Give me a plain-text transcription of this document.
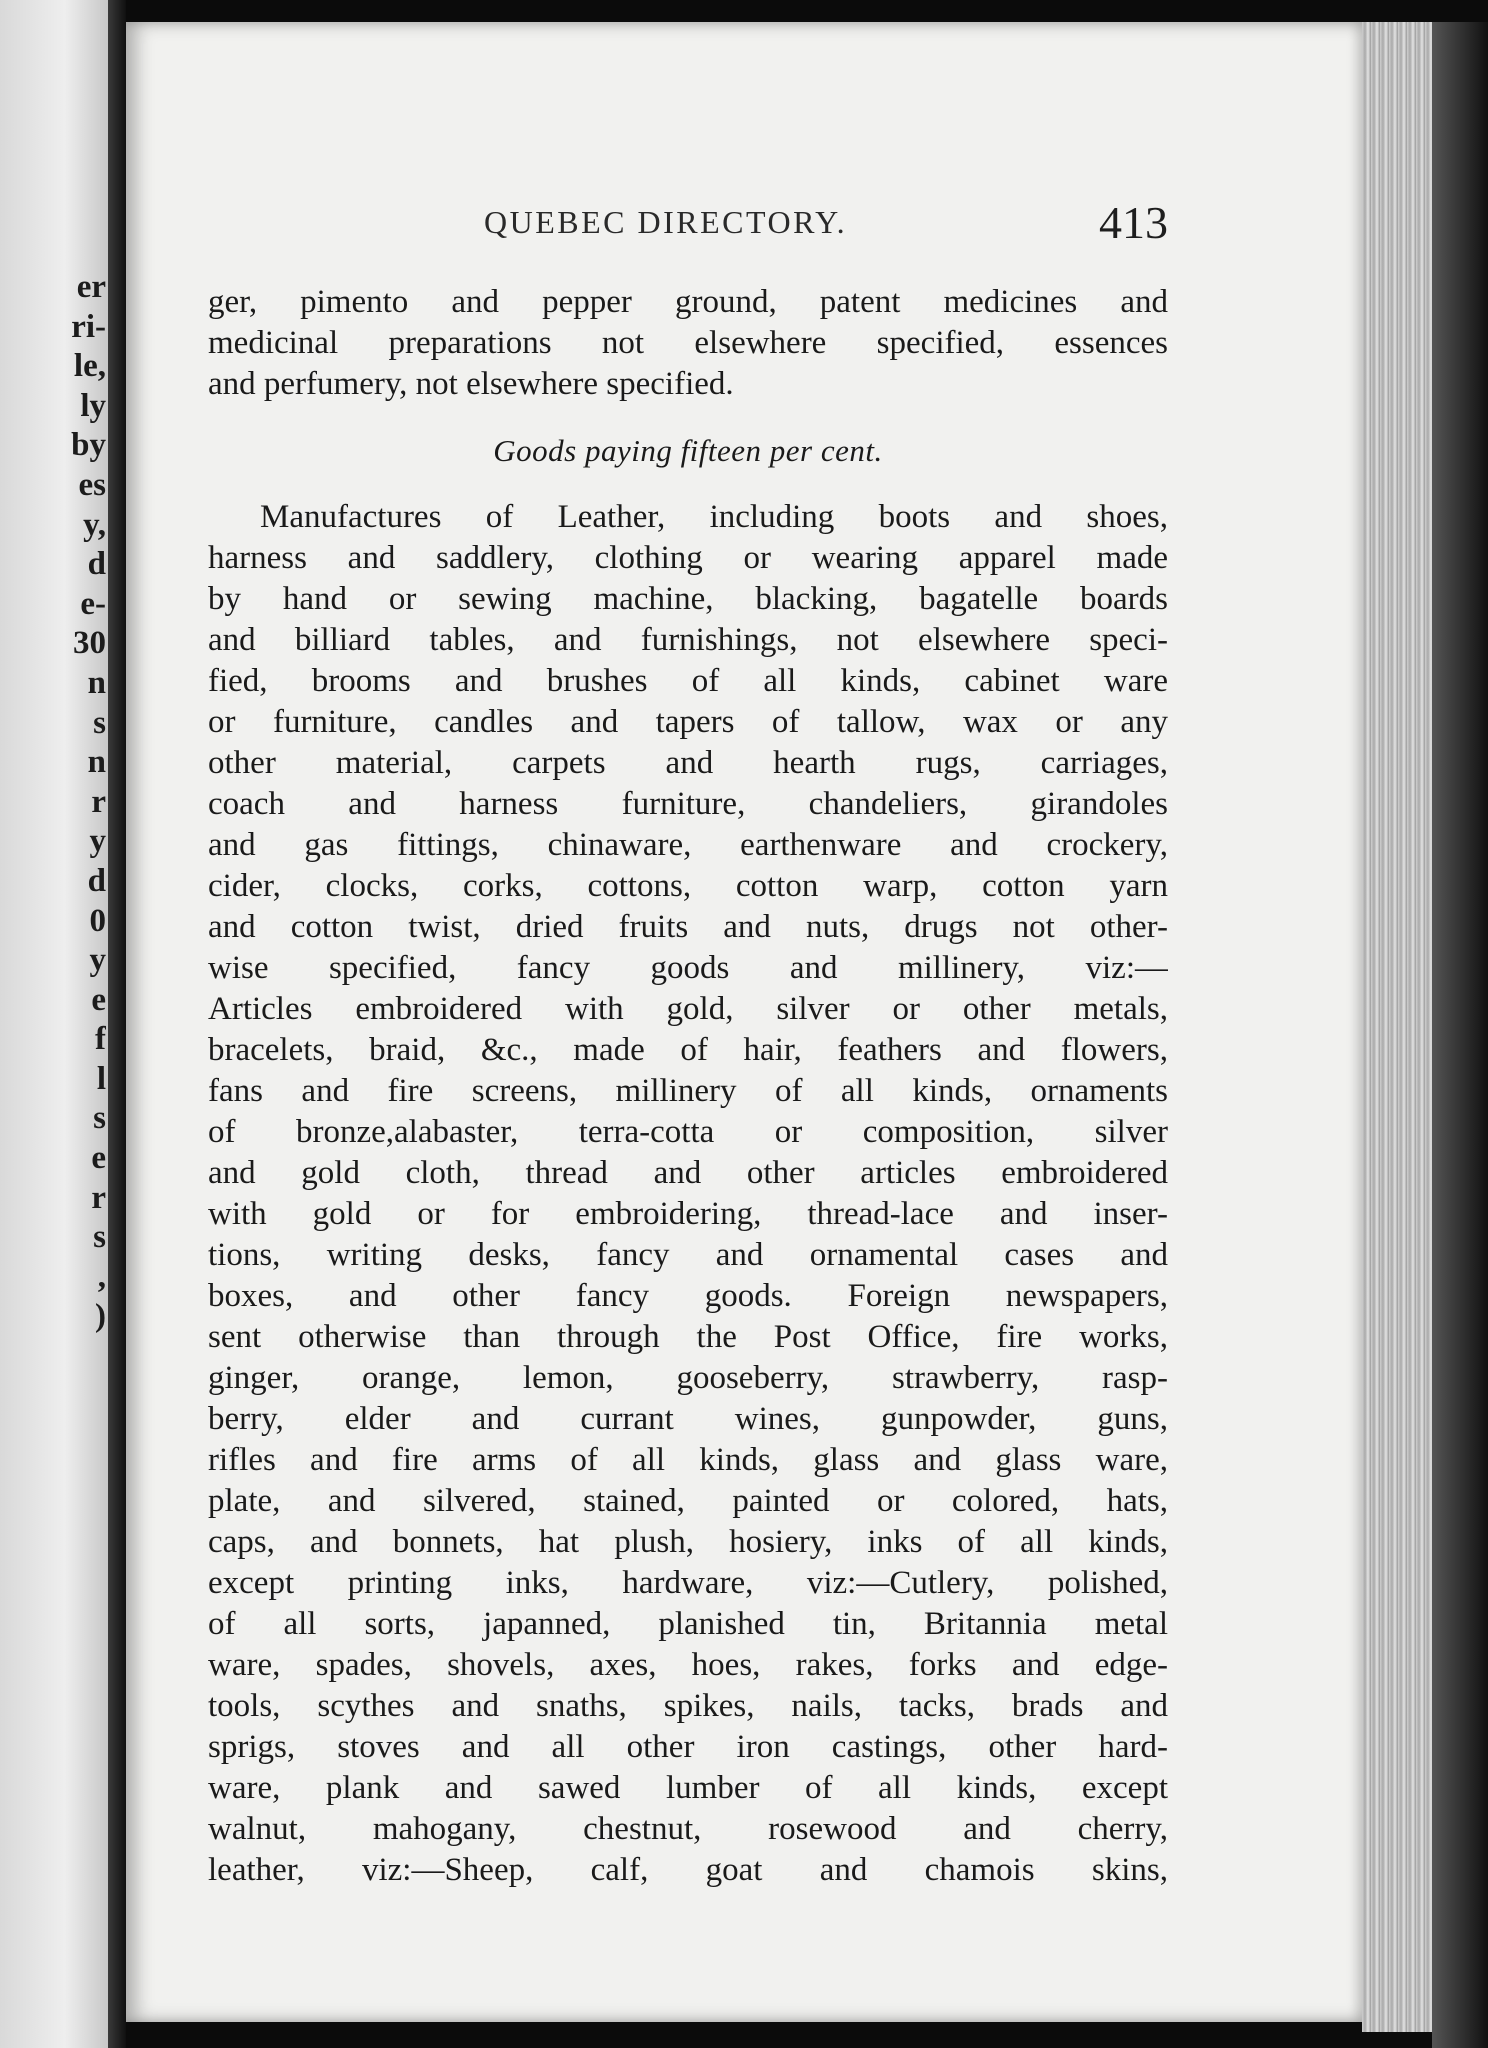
er
ri-
le,
ly
by
es
y,
d
e-
30
n
s
n
r
y
d
0
y
e
f
l
s
e
r
s
,
)
QUEBEC DIRECTORY.	413
ger, pimento and pepper ground, patent medicines and
medicinal preparations not elsewhere specified, essences
and perfumery, not elsewhere specified.
Goods paying fifteen per cent.
Manufactures of Leather, including boots and shoes,
harness and saddlery, clothing or wearing apparel made
by hand or sewing machine, blacking, bagatelle boards
and billiard tables, and furnishings, not elsewhere speci-
fied, brooms and brushes of all kinds, cabinet ware
or furniture, candles and tapers of tallow, wax or any
other material, carpets and hearth rugs, carriages,
coach and harness furniture, chandeliers, girandoles
and gas fittings, chinaware, earthenware and crockery,
cider, clocks, corks, cottons, cotton warp, cotton yarn
and cotton twist, dried fruits and nuts, drugs not other-
wise specified, fancy goods and millinery, viz:—
Articles embroidered with gold, silver or other metals,
bracelets, braid, &c., made of hair, feathers and flowers,
fans and fire screens, millinery of all kinds, ornaments
of bronze,alabaster, terra-cotta or composition, silver
and gold cloth, thread and other articles embroidered
with gold or for embroidering, thread-lace and inser-
tions, writing desks, fancy and ornamental cases and
boxes, and other fancy goods. Foreign newspapers,
sent otherwise than through the Post Office, fire works,
ginger, orange, lemon, gooseberry, strawberry, rasp-
berry, elder and currant wines, gunpowder, guns,
rifles and fire arms of all kinds, glass and glass ware,
plate, and silvered, stained, painted or colored, hats,
caps, and bonnets, hat plush, hosiery, inks of all kinds,
except printing inks, hardware, viz:—Cutlery, polished,
of all sorts, japanned, planished tin, Britannia metal
ware, spades, shovels, axes, hoes, rakes, forks and edge-
tools, scythes and snaths, spikes, nails, tacks, brads and
sprigs, stoves and all other iron castings, other hard-
ware, plank and sawed lumber of all kinds, except
walnut, mahogany, chestnut, rosewood and cherry,
leather, viz:—Sheep, calf, goat and chamois skins,
